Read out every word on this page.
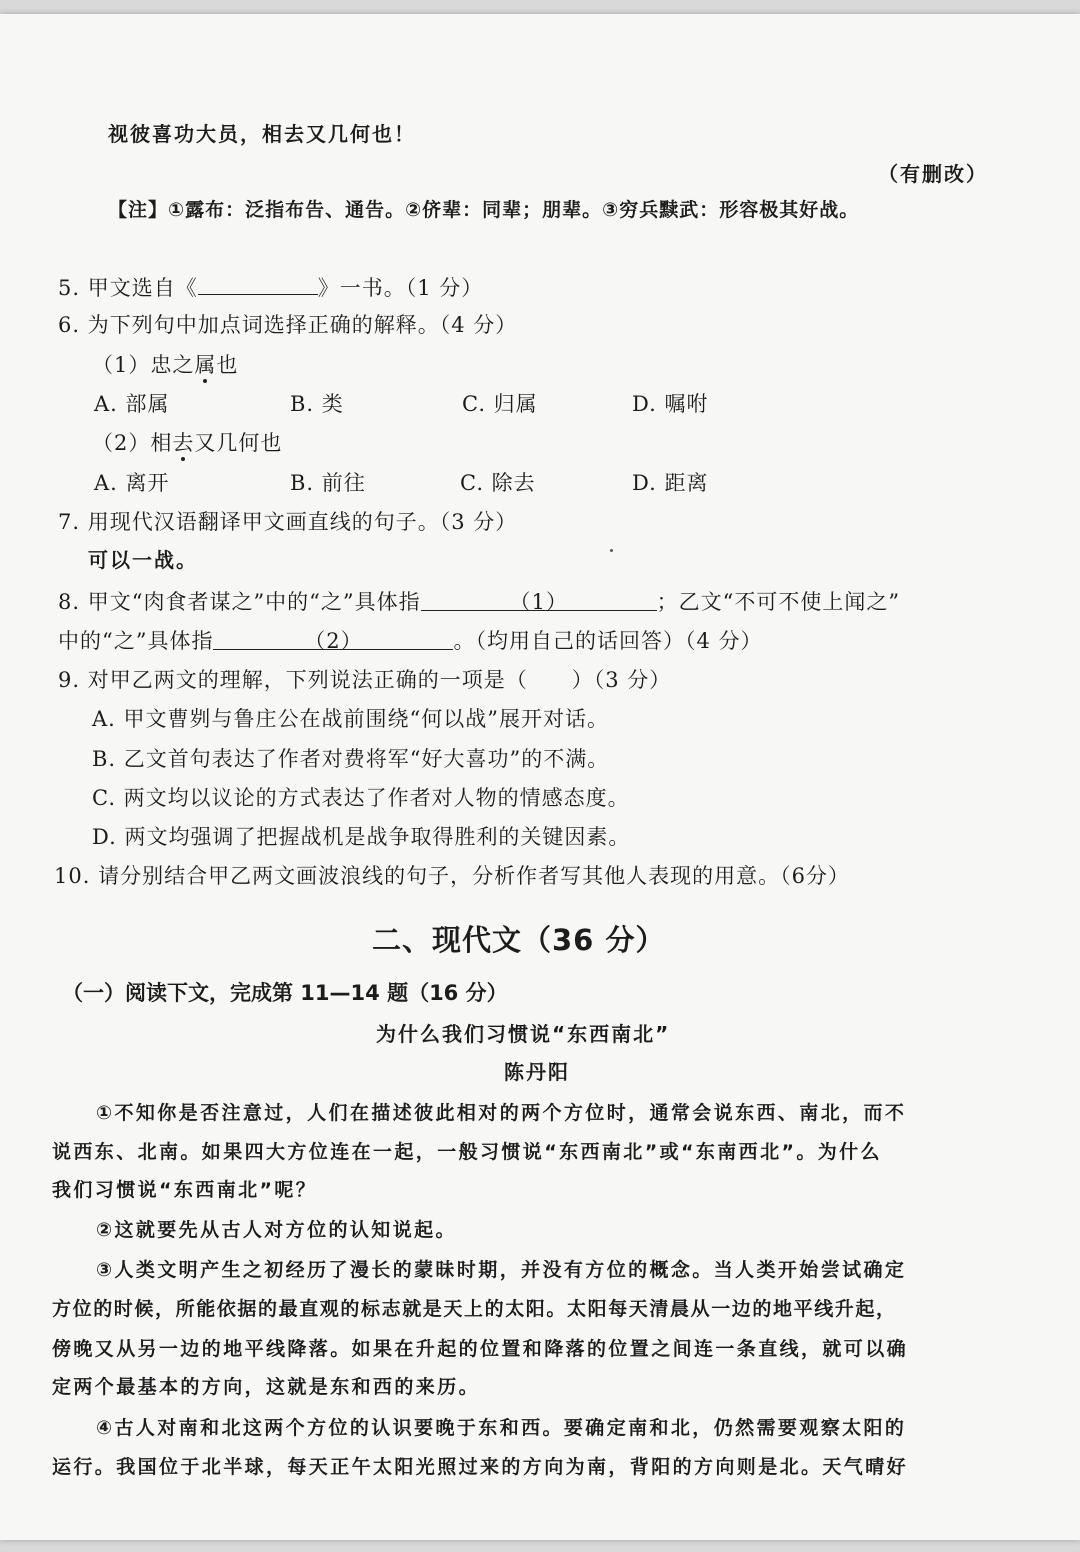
视彼喜功大员，相去又几何也！
（有删改）
【注】①露布：泛指布告、通告。②侪辈：同辈；朋辈。③穷兵黩武：形容极其好战。
5. 甲文选自《	》一书。（1 分）
6. 为下列句中加点词选择正确的解释。（4 分）
（1）忠之属也
A. 部属	B. 类	C. 归属	D. 嘱咐
（2）相去又几何也
A. 离开	B. 前往	C. 除去	D. 距离
7. 用现代汉语翻译甲文画直线的句子。（3 分）
可以一战。
8. 甲文“肉食者谋之”中的“之”具体指	（1）	；乙文“不可不使上闻之”
中的“之”具体指	（2）	。（均用自己的话回答）（4 分）
9. 对甲乙两文的理解，下列说法正确的一项是（　　）（3 分）
A. 甲文曹刿与鲁庄公在战前围绕“何以战”展开对话。
B. 乙文首句表达了作者对费将军“好大喜功”的不满。
C. 两文均以议论的方式表达了作者对人物的情感态度。
D. 两文均强调了把握战机是战争取得胜利的关键因素。
10. 请分别结合甲乙两文画波浪线的句子，分析作者写其他人表现的用意。（6分）
二、现代文（36 分）
（一）阅读下文，完成第 11—14 题（16 分）
为什么我们习惯说“东西南北”
陈丹阳
①不知你是否注意过，人们在描述彼此相对的两个方位时，通常会说东西、南北，而不
说西东、北南。如果四大方位连在一起，一般习惯说“东西南北”或“东南西北”。为什么
我们习惯说“东西南北”呢？
②这就要先从古人对方位的认知说起。
③人类文明产生之初经历了漫长的蒙昧时期，并没有方位的概念。当人类开始尝试确定
方位的时候，所能依据的最直观的标志就是天上的太阳。太阳每天清晨从一边的地平线升起，
傍晚又从另一边的地平线降落。如果在升起的位置和降落的位置之间连一条直线，就可以确
定两个最基本的方向，这就是东和西的来历。
④古人对南和北这两个方位的认识要晚于东和西。要确定南和北，仍然需要观察太阳的
运行。我国位于北半球，每天正午太阳光照过来的方向为南，背阳的方向则是北。天气晴好
